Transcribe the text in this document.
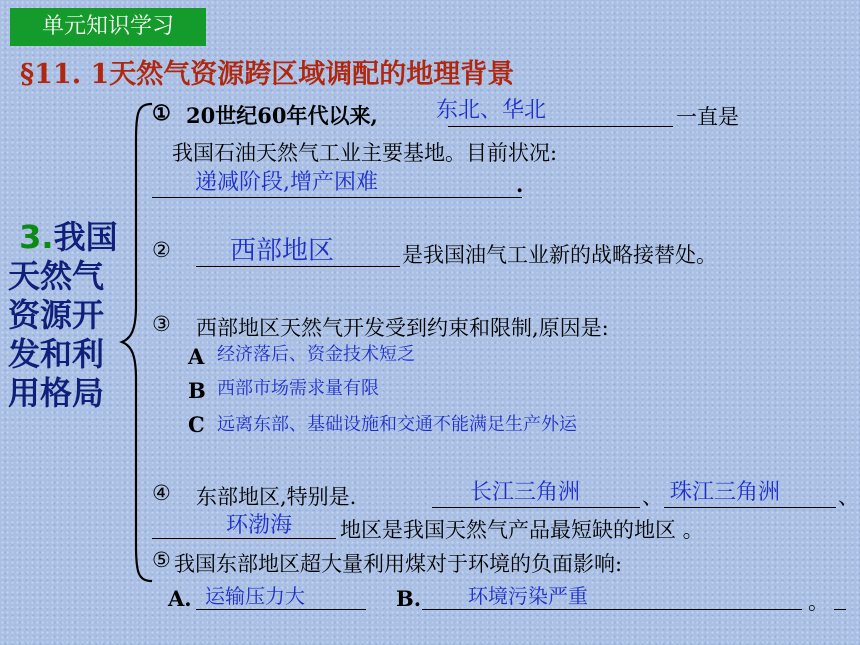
单元知识学习
§11. 1天然气资源跨区域调配的地理背景
3.我国天然气资源开发和利用格局
① 20世纪60年代以来,	东北、华北	一直是
我国石油天然气工业主要基地。目前状况:
递减阶段,增产困难	.
② 西部地区	是我国油气工业新的战略接替处。
③ 西部地区天然气开发受到约束和限制,原因是:
A 经济落后、资金技术短乏
B 西部市场需求量有限
C 远离东部、基础设施和交通不能满足生产外运
④ 东部地区,特别是.	长江三角洲	、 珠江三角洲	、
环渤海 地区是我国天然气产品最短缺的地区 。
⑤ 我国东部地区超大量利用煤对于环境的负面影响:
A. 运输压力大	B. 环境污染严重	。
